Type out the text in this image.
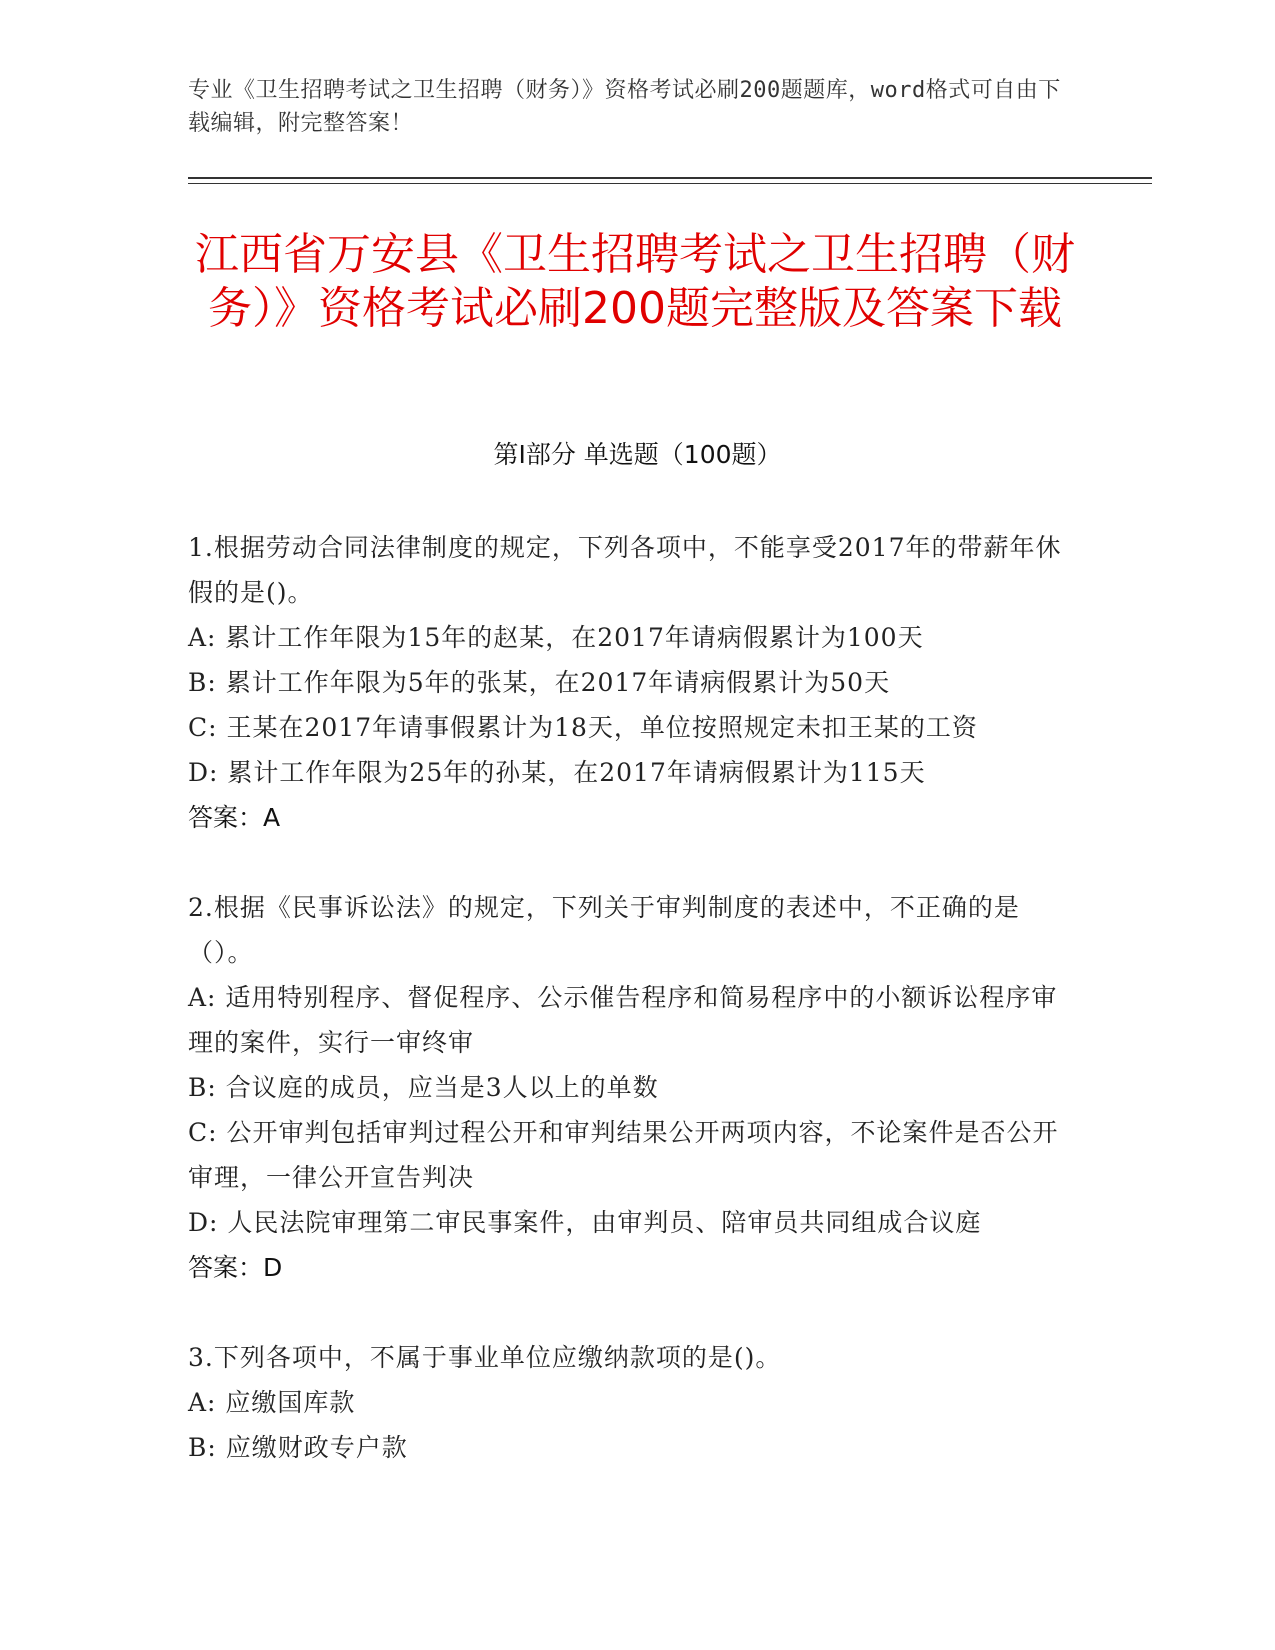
专业《卫生招聘考试之卫生招聘（财务）》资格考试必刷200题题库，word格式可自由下载编辑，附完整答案！
江西省万安县《卫生招聘考试之卫生招聘（财务）》资格考试必刷200题完整版及答案下载
第I部分 单选题（100题）

1.根据劳动合同法律制度的规定，下列各项中，不能享受2017年的带薪年休假的是()。

A: 累计工作年限为15年的赵某，在2017年请病假累计为100天

B: 累计工作年限为5年的张某，在2017年请病假累计为50天

C: 王某在2017年请事假累计为18天，单位按照规定未扣王某的工资

D: 累计工作年限为25年的孙某，在2017年请病假累计为115天

答案：A

2.根据《民事诉讼法》的规定，下列关于审判制度的表述中，不正确的是（）。

A: 适用特别程序、督促程序、公示催告程序和简易程序中的小额诉讼程序审理的案件，实行一审终审

B: 合议庭的成员，应当是3人以上的单数

C: 公开审判包括审判过程公开和审判结果公开两项内容，不论案件是否公开审理，一律公开宣告判决

D: 人民法院审理第二审民事案件，由审判员、陪审员共同组成合议庭

答案：D

3.下列各项中，不属于事业单位应缴纳款项的是()。

A: 应缴国库款

B: 应缴财政专户款
